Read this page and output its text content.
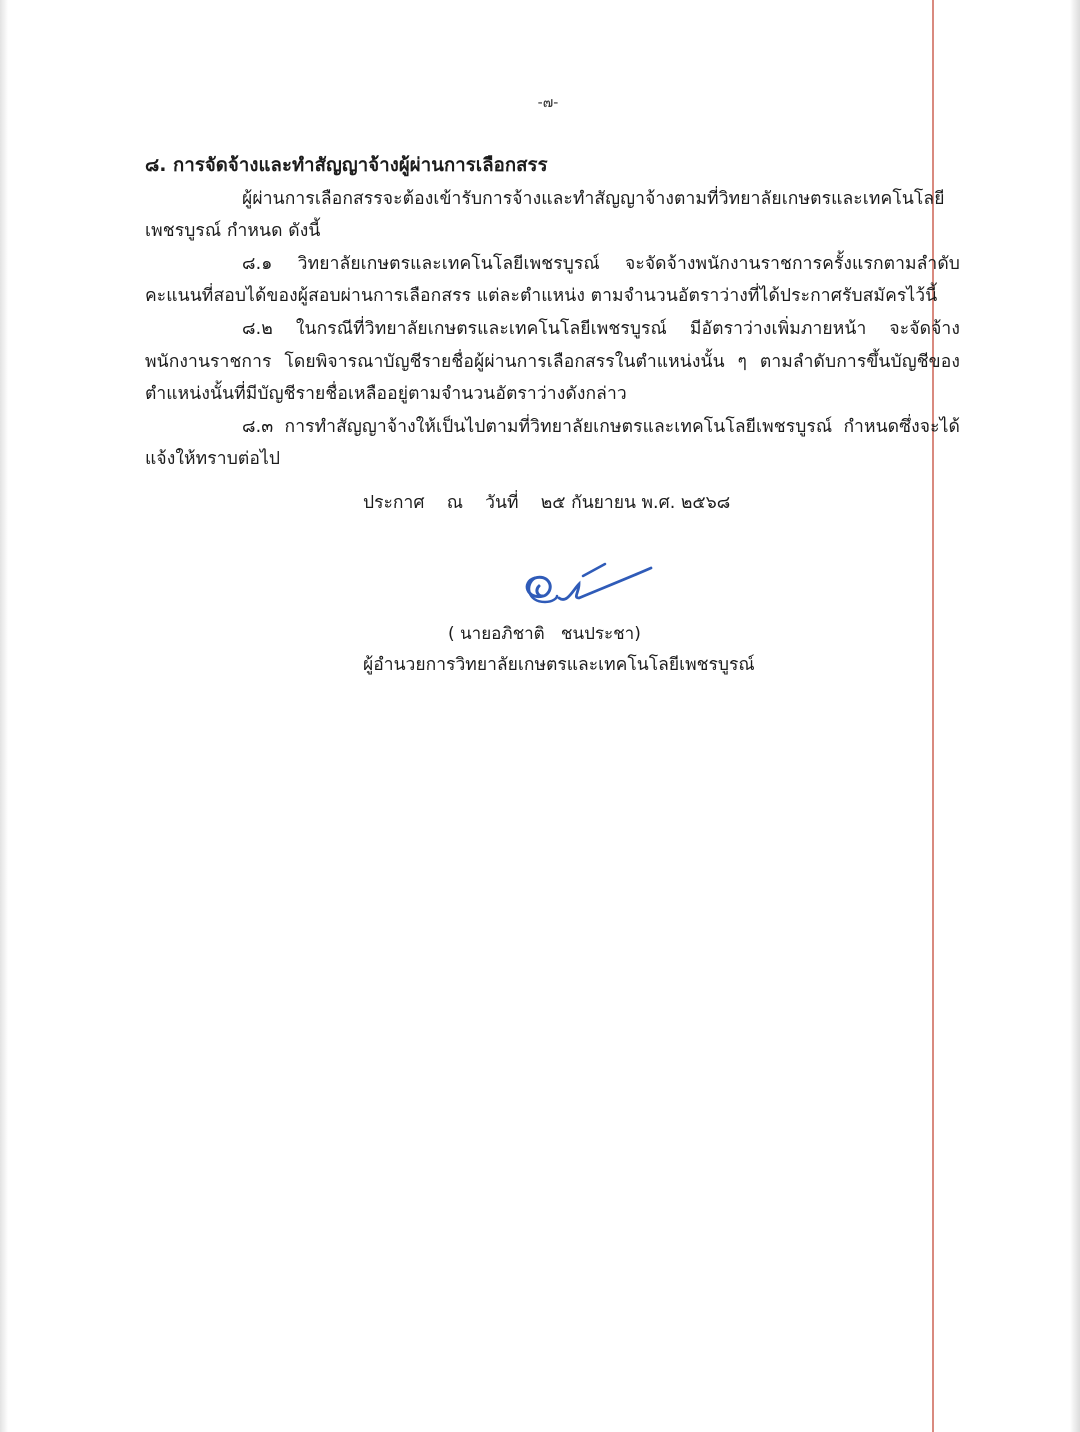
-๗-

๘. การจัดจ้างและทำสัญญาจ้างผู้ผ่านการเลือกสรร

ผู้ผ่านการเลือกสรรจะต้องเข้ารับการจ้างและทำสัญญาจ้างตามที่วิทยาลัยเกษตรและเทคโนโลยีเพชรบูรณ์ กำหนด ดังนี้

๘.๑ วิทยาลัยเกษตรและเทคโนโลยีเพชรบูรณ์ จะจัดจ้างพนักงานราชการครั้งแรกตามลำดับคะแนนที่สอบได้ของผู้สอบผ่านการเลือกสรร แต่ละตำแหน่ง ตามจำนวนอัตราว่างที่ได้ประกาศรับสมัครไว้นี้

๘.๒ ในกรณีที่วิทยาลัยเกษตรและเทคโนโลยีเพชรบูรณ์ มีอัตราว่างเพิ่มภายหน้า จะจัดจ้างพนักงานราชการ โดยพิจารณาบัญชีรายชื่อผู้ผ่านการเลือกสรรในตำแหน่งนั้น ๆ ตามลำดับการขึ้นบัญชีของตำแหน่งนั้นที่มีบัญชีรายชื่อเหลืออยู่ตามจำนวนอัตราว่างดังกล่าว

๘.๓ การทำสัญญาจ้างให้เป็นไปตามที่วิทยาลัยเกษตรและเทคโนโลยีเพชรบูรณ์ กำหนดซึ่งจะได้แจ้งให้ทราบต่อไป

ประกาศ    ณ    วันที่    ๒๕ กันยายน พ.ศ. ๒๕๖๘
( นายอภิชาติ   ชนประชา)
ผู้อำนวยการวิทยาลัยเกษตรและเทคโนโลยีเพชรบูรณ์
